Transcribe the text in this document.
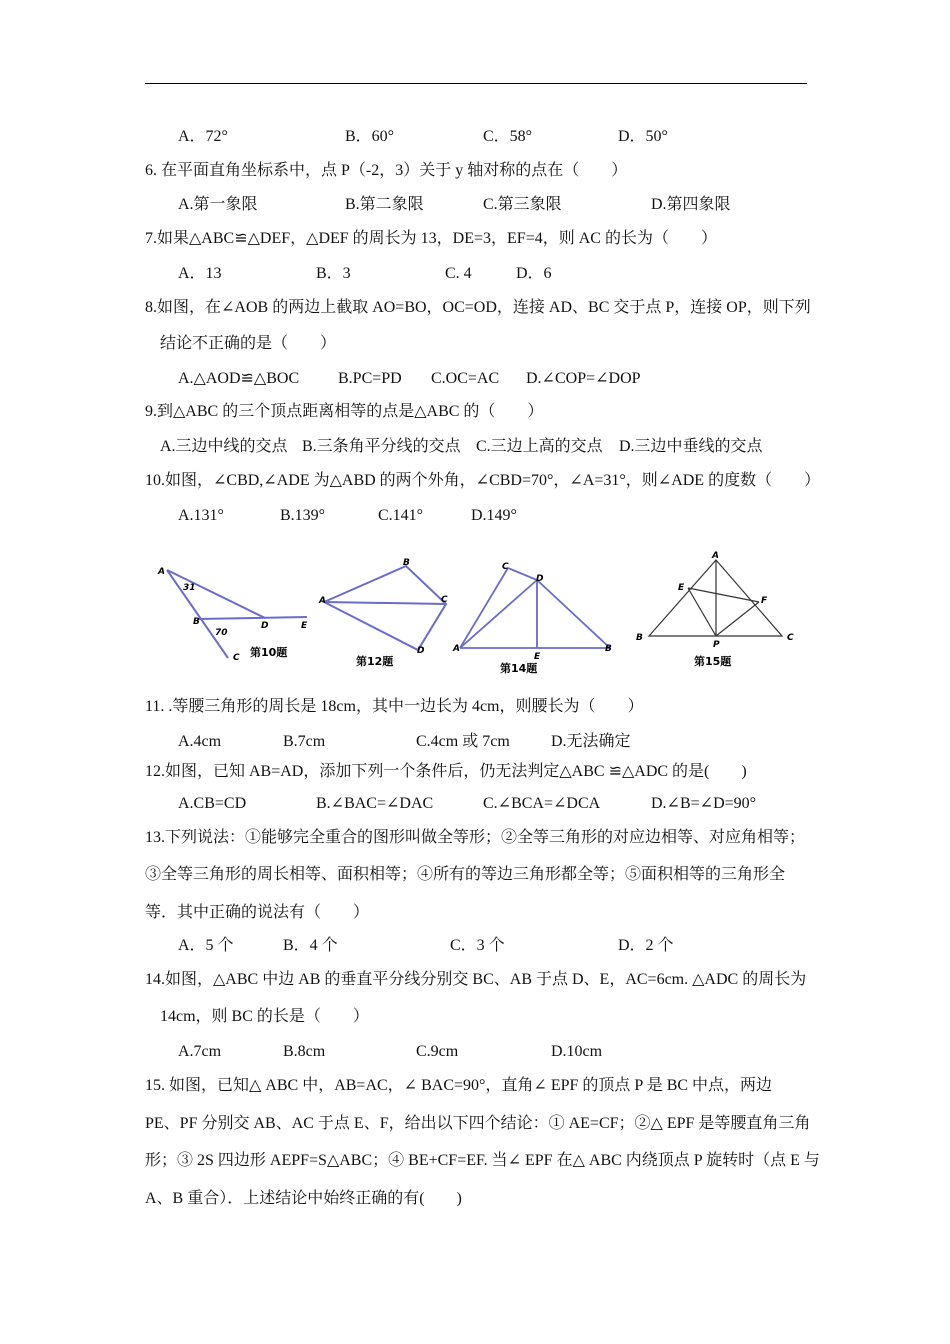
A．72°	B．60°	C．58°	D．50°
6. 在平面直角坐标系中，点 P（-2，3）关于 y 轴对称的点在（　　）
A.第一象限	B.第二象限	C.第三象限	D.第四象限
7.如果△ABC≌△DEF，△DEF 的周长为 13，DE=3，EF=4，则 AC 的长为（　　）
A．13	B．3	C. 4	D．6
8.如图，在∠AOB 的两边上截取 AO=BO，OC=OD，连接 AD、BC 交于点 P，连接 OP，则下列
结论不正确的是（　　）
A.△AOD≌△BOC B.PC=PD C.OC=AC D.∠COP=∠DOP
9.到△ABC 的三个顶点距离相等的点是△ABC 的（　　）
A.三边中线的交点 B.三条角平分线的交点 C.三边上高的交点 D.三边中垂线的交点
10.如图，∠CBD,∠ADE 为△ABD 的两个外角，∠CBD=70°，∠A=31°，则∠ADE 的度数（　　）
A.131°	B.139°	C.141°	D.149°
A
31
B
70
C
D	E
第10题
A
B
C
D
第12题
C
D
A
E
B
第14题
A
E
F
B
P
C
第15题
11. .等腰三角形的周长是 18cm，其中一边长为 4cm，则腰长为（　　）
A.4cm	B.7cm	C.4cm 或 7cm	D.无法确定
12.如图，已知 AB=AD，添加下列一个条件后，仍无法判定△ABC ≌△ADC 的是(　　)
A.CB=CD	B.∠BAC=∠DAC	C.∠BCA=∠DCA	D.∠B=∠D=90°
13.下列说法：①能够完全重合的图形叫做全等形；②全等三角形的对应边相等、对应角相等；
③全等三角形的周长相等、面积相等；④所有的等边三角形都全等；⑤面积相等的三角形全
等．其中正确的说法有（　　）
A．5 个	B．4 个	C．3 个	D．2 个
14.如图，△ABC 中边 AB 的垂直平分线分别交 BC、AB 于点 D、E，AC=6cm. △ADC 的周长为
14cm，则 BC 的长是（　　）
A.7cm	B.8cm	C.9cm	D.10cm
15. 如图，已知△ ABC 中，AB=AC，∠ BAC=90°，直角∠ EPF 的顶点 P 是 BC 中点，两边
PE、PF 分别交 AB、AC 于点 E、F，给出以下四个结论：① AE=CF；②△ EPF 是等腰直角三角
形；③ 2S 四边形 AEPF=S△ABC；④ BE+CF=EF. 当∠ EPF 在△ ABC 内绕顶点 P 旋转时（点 E 与
A、B 重合）．上述结论中始终正确的有(　　)
